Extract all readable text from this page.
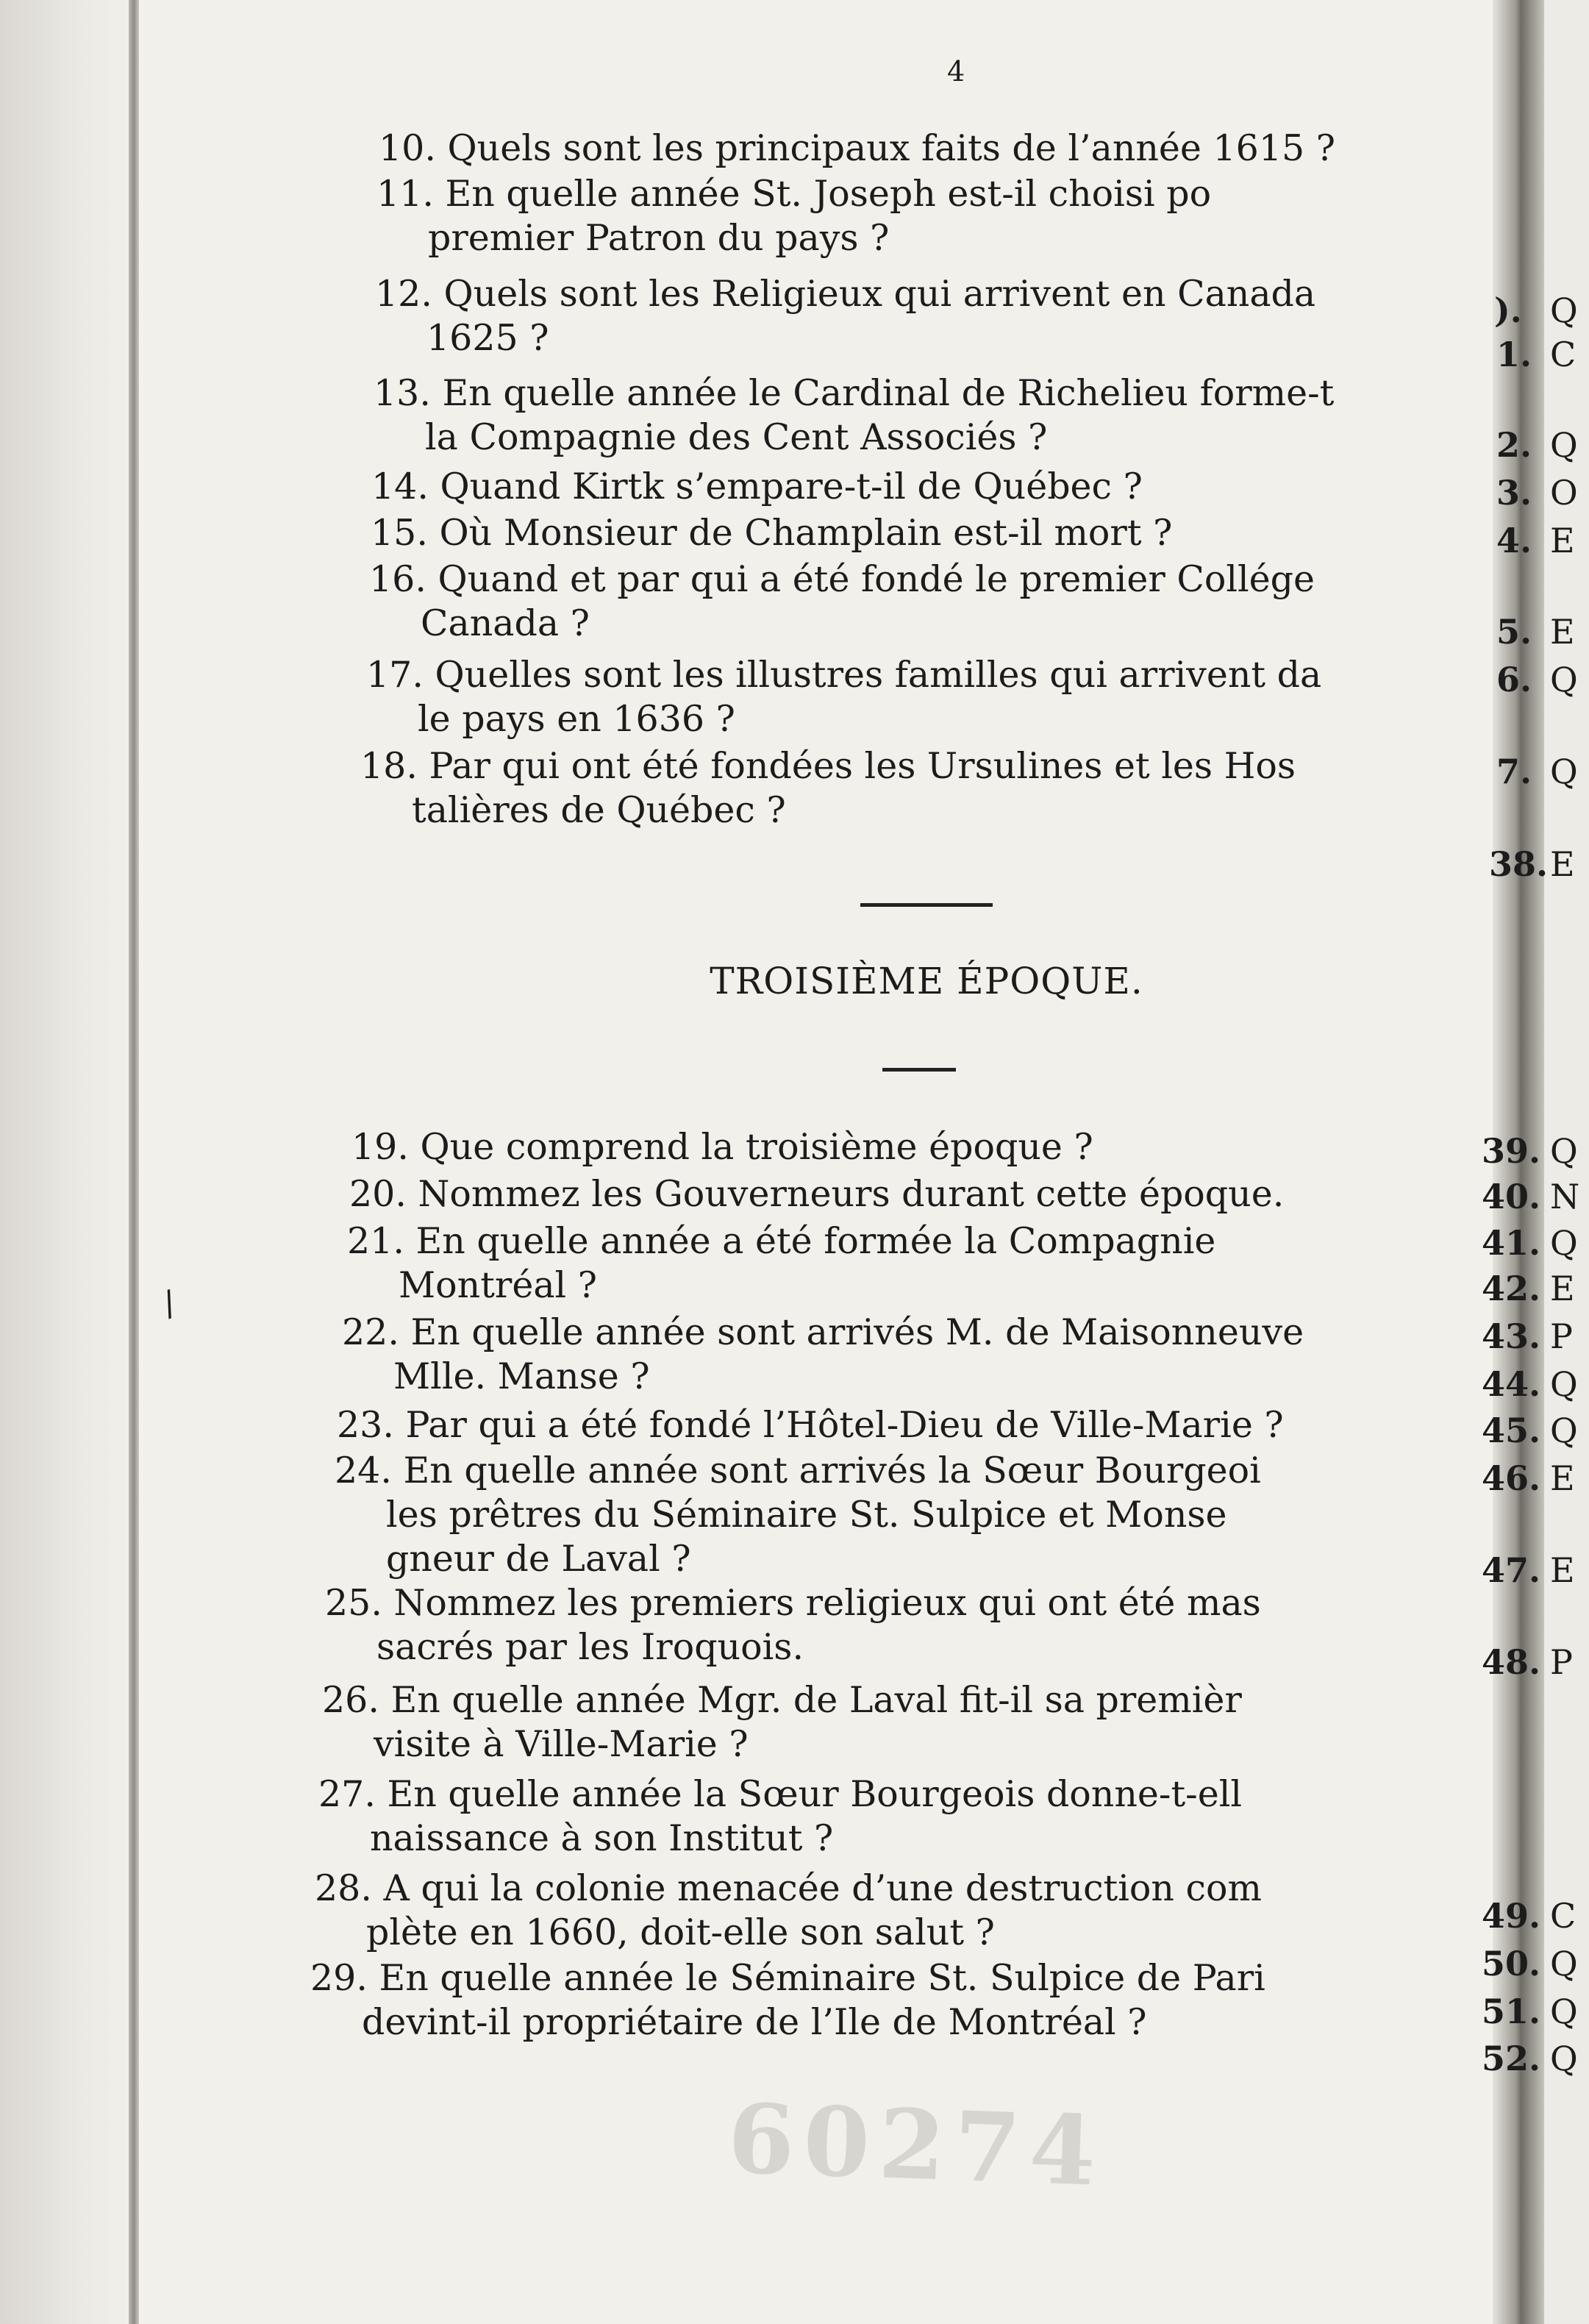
4
10. Quels sont les principaux faits de l’année 1615 ?
11. En quelle année St. Joseph est-il choisi po
premier Patron du pays ?
12. Quels sont les Religieux qui arrivent en Canada
1625 ?
13. En quelle année le Cardinal de Richelieu forme-t
la Compagnie des Cent Associés ?
14. Quand Kirtk s’empare-t-il de Québec ?
15. Où Monsieur de Champlain est-il mort ?
16. Quand et par qui a été fondé le premier Collége
Canada ?
17. Quelles sont les illustres familles qui arrivent da
le pays en 1636 ?
18. Par qui ont été fondées les Ursulines et les Hos
talières de Québec ?
TROISIÈME ÉPOQUE.
19. Que comprend la troisième époque ?
20. Nommez les Gouverneurs durant cette époque.
21. En quelle année a été formée la Compagnie
Montréal ?
22. En quelle année sont arrivés M. de Maisonneuve
Mlle. Manse ?
23. Par qui a été fondé l’Hôtel-Dieu de Ville-Marie ?
24. En quelle année sont arrivés la Sœur Bourgeoi
les prêtres du Séminaire St. Sulpice et Monse
gneur de Laval ?
25. Nommez les premiers religieux qui ont été mas
sacrés par les Iroquois.
26. En quelle année Mgr. de Laval fit-il sa premièr
visite à Ville-Marie ?
27. En quelle année la Sœur Bourgeois donne-t-ell
naissance à son Institut ?
28. A qui la colonie menacée d’une destruction com
plète en 1660, doit-elle son salut ?
29. En quelle année le Séminaire St. Sulpice de Pari
devint-il propriétaire de l’Ile de Montréal ?
). Q
1. C
2. Q
3. O
4. E
5. E
6. Q
7. Q
38. E
39. Q
40. N
41. Q
42. E
43. P
44. Q
45. Q
46. E
47. E
48. P
49. C
50. Q
51. Q
52. Q
/
60274
